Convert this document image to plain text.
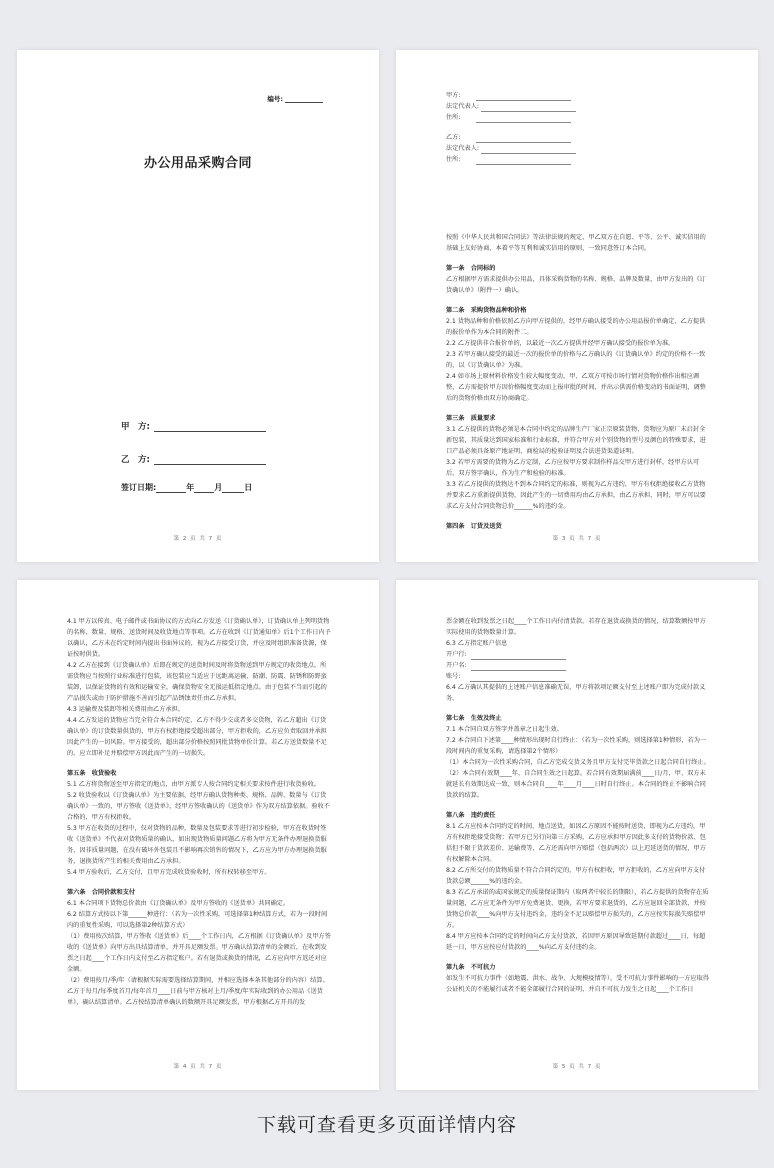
编号:
办公用品采购合同
甲　方:
乙　方:
签订日期:	年	月	日
第 2 页 共 7 页
甲方:
法定代表人:
住所:
乙方:
法定代表人:
住所:

按照《中华人民共和国合同法》等法律法规的规定，甲乙双方在自愿、平等、公平、诚实信用的基础上友好协商，本着平等互利和诚实信用的原则，一致同意签订本合同。

第一条　合同标的

乙方根据甲方需求提供办公用品，具体采购货物的名称、规格、品牌及数量，由甲方发出的《订货确认单》（附件一）确认。

第二条　采购货物品种和价格

2.1 货物品种和价格依照乙方向甲方提供的，经甲方确认接受的办公用品报价单确定，乙方提供的报价单作为本合同的附件二。

2.2 乙方提供非合报价单的，以最近一次乙方提供并经甲方确认接受的报价单为准。

2.3 若甲方确认接受的最近一次的报价单的价格与乙方确认的《订货确认单》约定的价格不一致的，以《订货确认单》为准。

2.4 如市场上原材料价格发生较大幅度变动，甲、乙双方可按市场行情对货物价格作出相应调整，乙方需提价甲方因价格幅度变动而上报审批的时间，并出示供需价格变动的书面证明，调整后的货物价格由双方协商确定。

第三条　质量要求

3.1 乙方提供的货物必须是本合同中约定的品牌生产厂家正宗原装货物，货物应为原厂未启封全新包装，其质量达到国家标准和行业标准，并符合甲方对个别货物的型号及颜色的特殊要求，进口产品必须具备原产地证明、商检局的检验证明及合法进货渠道证明。

3.2 若甲方需要的货物为乙方定制，乙方应按甲方要求制作样品交甲方进行封样，经甲方认可后，双方签字确认，作为生产和检验的标准。

3.3 若乙方提供的货物达不到本合同约定的标准，则视为乙方违约，甲方有权拒绝接收乙方货物并要求乙方重新提供货物，因此产生的一切费用均由乙方承担，由乙方承担，同时，甲方可以要求乙方支付合同货物总价______%的违约金。

第四条　订货及送货

第 3 页 共 7 页

4.1 甲方以传真、电子邮件或书面协议的方式向乙方发送《订货确认单》，订货确认单上列明货物的名称、数量、规格、送货时间及收货地点等事项。乙方在收到《订货通知单》后1个工作日内予以确认，乙方未在约定时间内提出书面异议的，视为乙方接受订货，并应及时组织准备货源，保证按时供货。

4.2 乙方在接到《订货确认单》后即在规定的送货时间及时将货物送到甲方规定的收货地点。所需货物应当按照行业标准进行包装，该包装应当适应于远距离运输、防潮、防震、防锈和防野蛮装卸，以保证货物的有效和运输安全，确保货物安全无损运抵指定地点。由于包装不当而引起的产品损失或由于防护措施不善而引起产品锈蚀责任由乙方承担。

4.3 运输费及装卸等相关费用由乙方承担。

4.4 乙方发运的货物应当完全符合本合同约定，乙方不得少交或者多交货物，若乙方超出《订货确认单》的订货数量供货的，甲方有权拒绝接受超出部分，甲方拒收的，乙方应负责取回并承担因此产生的一切风险。甲方接受的，超出部分价格按照同批货物单价计算。若乙方送货数量不足的，应立即补足并赔偿甲方因此而产生的一切损失。

第五条　收货验收

5.1 乙方将货物送至甲方指定的地点，由甲方派专人按合同约定相关要求按件进行收货验收。

5.2 收货验收以《订货确认单》为主要依据，经甲方确认货物种类、规格、品牌、数量与《订货确认单》一致的，甲方签收《送货单》，经甲方签收确认的《送货单》作为双方结算依据。验收不合格的，甲方有权拒收。

5.3 甲方在收货的过程中，仅对货物的品种，数量及包装要求等进行初步检验，甲方在收货时签收《送货单》不代表对货物质量的确认，如出现货物质量问题乙方将为甲方无条件办理退换货服务，因非质量问题，在没有破坏外包装且不影响再次销售的情况下，乙方应为甲方办理退换货服务，退换货所产生的相关费用由乙方承担。

5.4 甲方验收后，乙方交付，且甲方完成收货验收时，所有权转移至甲方。

第六条　合同价款和支付

6.1 本合同项下货物总价款由《订货确认单》及甲方签收的《送货单》共同确定。

6.2 结算方式按以下第______种进行：（若为一次性采购，可选择第1种结算方式，若为一段时间内的重复性采购，可以选择第2种结算方式）

（1）费用按次结算，甲方签收《送货单》后____个工作日内，乙方根据《订货确认单》及甲方签收的《送货单》向甲方出具结算清单，并开具足额发票。甲方确认结算清单的金额后，在收到发票之日起____个工作日内支付至乙方指定账户。若有退货或换货的情况，乙方应向甲方返还对应金额。

（2）费用按月/季/年（请根据实际需要选择结算期间，并相应选择本条其他部分的内容）结算。乙方于每月/每季度首月/每年首月____日前与甲方核对上月/季度/年实际收到的办公用品《送货单》，确认结算清单。乙方按结算清单确认的数额开具足额发票，甲方根据乙方开具的发

第 4 页 共 7 页

票金额在收到发票之日起____个工作日内付清货款。若存在退货或换货的情况，结算数额按甲方实际使用的货物数量计算。

6.3 乙方指定账户信息

开户行:
开户名:
账号:

6.4 乙方确认其提供的上述账户信息准确无误，甲方将款项足额支付至上述账户即为完成付款义务。

第七条　生效及终止

7.1 本合同自双方签字并盖章之日起生效。

7.2 本合同自下述第____种情形出现时自行终止：（若为一次性采购，则选择第1种情形，若为一段时间内的重复采购，请选择第2个情形）

（1）本合同为一次性采购合同，自乙方完成交货义务且甲方支付完毕货款之日起合同自行终止。

（2）本合同有效期____年，自合同生效之日起算。若合同有效期届满前____日/月，甲、双方未就延长有效期达成一致，则本合同自____年____月____日时自行终止。本合同的终止不影响合同货款的结算。

第八条　违约责任

8.1 乙方应按本合同约定的时间、地点送货，如因乙方原因不能按时送货，即视为乙方违约，甲方有权拒绝接受货物；若甲方已另行向第三方采购，乙方应承担甲方因此多支付的货物价款、包括但不限于货款差价、运输费等，乙方还需向甲方赔偿（包括两次）以上迟延送货的情况，甲方有权解除本合同。

8.2 乙方所交付的货物质量不符合合同约定的，甲方有权拒收，甲方拒收的，乙方应向甲方支付货款总额______%的违约金。

8.3 若乙方承诺的或国家规定的质量保证期内（取两者中较长的期限），若乙方提供的货物存在质量问题，乙方应无条件为甲方免费退货、更换，若甲方要求退货的，乙方应退回全部货款，并按货物总价款____%向甲方支付违约金，违约金不足以赔偿甲方损失的，乙方应按实际损失赔偿甲方。

8.4 甲方应按本合同约定的时间向乙方支付货款，若因甲方原因导致延期付款超过____日，每超延一日，甲方应按应付货款的____%向乙方支付违约金。

第九条　不可抗力

如发生不可抗力事件（如地震、洪水、战争、大规模疫情等），受不可抗力事件影响的一方应取得公证机关的不能履行或者不能全部履行合同的证明，并自不可抗力发生之日起____个工作日

第 5 页 共 7 页
下载可查看更多页面详情内容
